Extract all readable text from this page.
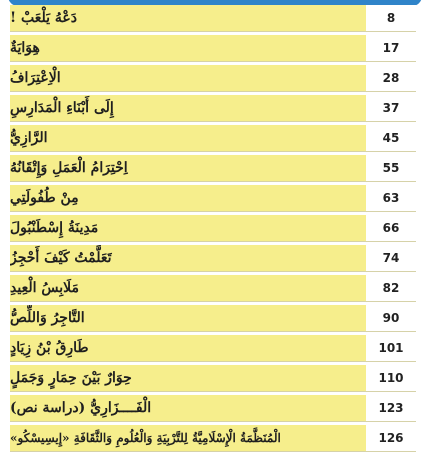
دَعْهُ يَلْعَبْ !	8
هِوَايَةٌ	17
الْاِعْتِرَافُ	28
إِلَى أَبْنَاءِ الْمَدَارِسِ	37
الرَّازِيُّ	45
اِحْتِرَامُ الْعَمَلِ وَإِتْقَانُهُ	55
مِنْ طُفُولَتِي	63
مَدِينَةُ إِسْطَنْبُولَ	66
تَعَلَّمْتُ كَيْفَ أَحْجِزُ	74
مَلَابِسُ الْعِيدِ	82
التَّاجِرُ وَاللِّصُّ	90
طَارِقُ بْنُ زِيَادٍ	101
حِوَارٌ بَيْنَ حِمَارٍ وَجَمَلٍ	110
الْفَــــزَارِيُّ (دراسة نص)	123
الْمُنَظَّمَةُ الْإِسْلَامِيَّةُ لِلتَّرْبِيَةِ وَالْعُلُومِ وَالثَّقَافَةِ «إِيسِيسْكُو»	126
